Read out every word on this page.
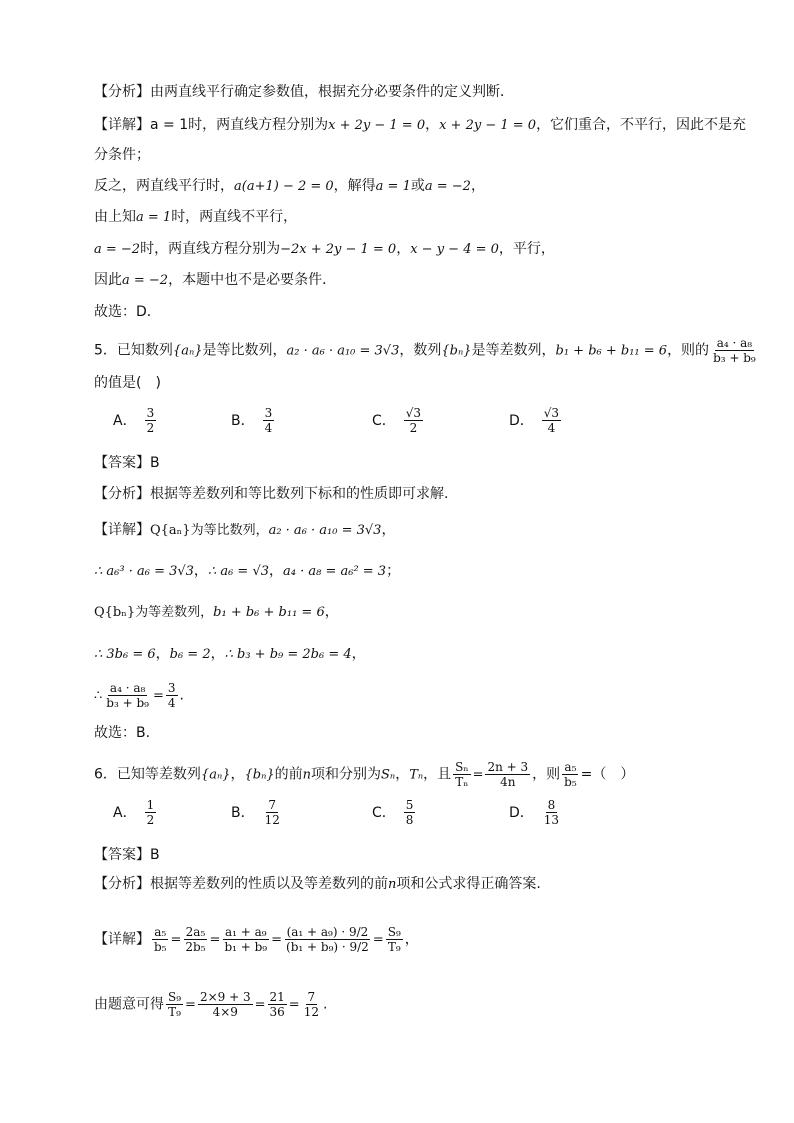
【分析】由两直线平行确定参数值，根据充分必要条件的定义判断．
【详解】a = 1时，两直线方程分别为x + 2y − 1 = 0，x + 2y − 1 = 0，它们重合，不平行，因此不是充
分条件；
反之，两直线平行时，a(a+1) − 2 = 0，解得a = 1或a = −2，
由上知a = 1时，两直线不平行，
a = −2时，两直线方程分别为−2x + 2y − 1 = 0，x − y − 4 = 0，平行，
因此a = −2，本题中也不是必要条件．
故选：D．
5．已知数列{aₙ}是等比数列，a₂ · a₆ · a₁₀ = 3√3，数列{bₙ}是等差数列，b₁ + b₆ + b₁₁ = 6，则的 $\frac{\text{a₄ · a₈}}{\text{b₃ + b₉}}$
的值是(　)
A． $\frac{3}{2}$	B． $\frac{3}{4}$	C． $\frac{√3}{2}$	D． $\frac{√3}{4}$
【答案】B
【分析】根据等差数列和等比数列下标和的性质即可求解.
【详解】Q{aₙ}为等比数列，a₂ · a₆ · a₁₀ = 3√3，
∴ a₆³ · a₆ = 3√3，∴ a₆ = √3，a₄ · a₈ = a₆² = 3；
Q{bₙ}为等差数列，b₁ + b₆ + b₁₁ = 6，
∴ 3b₆ = 6，b₆ = 2，∴ b₃ + b₉ = 2b₆ = 4，
∴ $\frac{\text{a₄ · a₈}}{\text{b₃ + b₉}} = \frac{3}{4}$ .
故选：B.
6．已知等差数列{aₙ}，{bₙ}的前n项和分别为Sₙ，Tₙ，且 $\frac{\text{Sₙ}}{\text{Tₙ}} = \frac{2n + 3}{4n}$ ，则 $\frac{\text{a₅}}{\text{b₅}}$ =（　）
A． $\frac{1}{2}$	B． $\frac{7}{12}$	C． $\frac{5}{8}$	D． $\frac{8}{13}$
【答案】B
【分析】根据等差数列的性质以及等差数列的前n项和公式求得正确答案.
【详解】 $\frac{\text{a₅}}{\text{b₅}} = \frac{\text{2a₅}}{\text{2b₅}} = \frac{\text{a₁ + a₉}}{\text{b₁ + b₉}} = \frac{\text{(a₁ + a₉) · 9/2}}{\text{(b₁ + b₉) · 9/2}} = \frac{\text{S₉}}{\text{T₉}}$ ，
由题意可得 $\frac{\text{S₉}}{\text{T₉}} = \frac{2\times 9 + 3}{4\times 9} = \frac{21}{36} = \frac{7}{12}$ .
